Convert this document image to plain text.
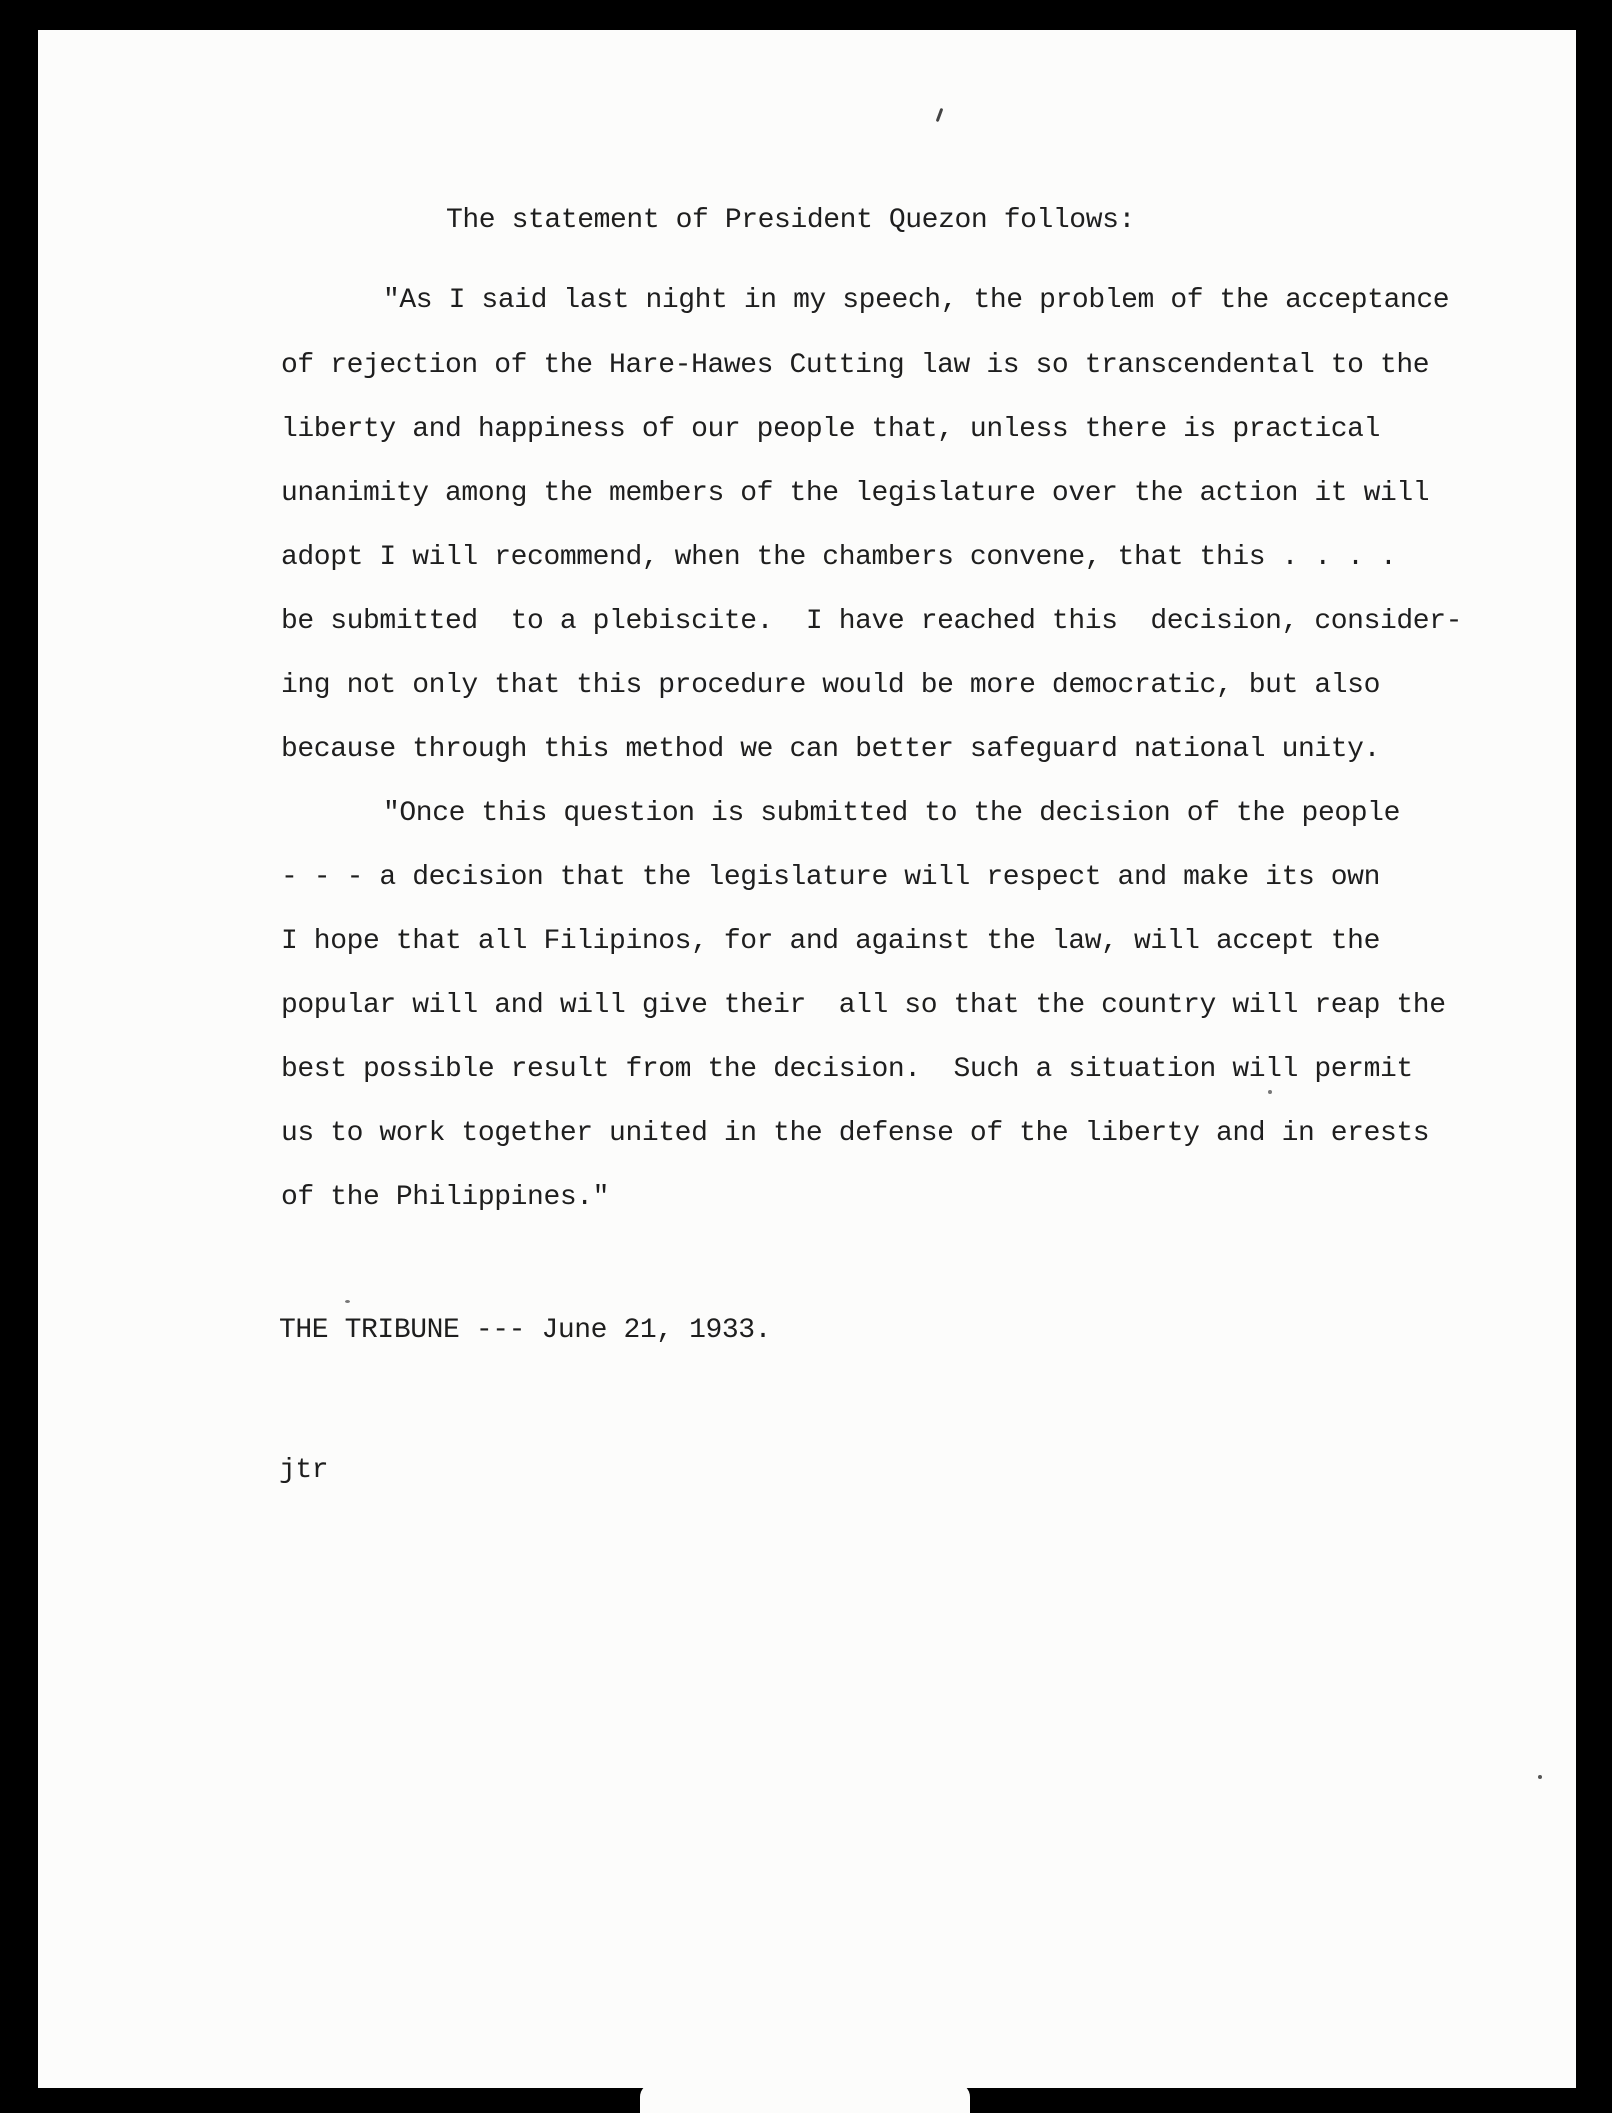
The statement of President Quezon follows:
"As I said last night in my speech, the problem of the acceptance
of rejection of the Hare-Hawes Cutting law is so transcendental to the
liberty and happiness of our people that, unless there is practical
unanimity among the members of the legislature over the action it will
adopt I will recommend, when the chambers convene, that this . . . .
be submitted  to a plebiscite.  I have reached this  decision, consider-
ing not only that this procedure would be more democratic, but also
because through this method we can better safeguard national unity.
"Once this question is submitted to the decision of the people
- - - a decision that the legislature will respect and make its own
I hope that all Filipinos, for and against the law, will accept the
popular will and will give their  all so that the country will reap the
best possible result from the decision.  Such a situation will permit
us to work together united in the defense of the liberty and in erests
of the Philippines."
THE TRIBUNE --- June 21, 1933.
jtr
